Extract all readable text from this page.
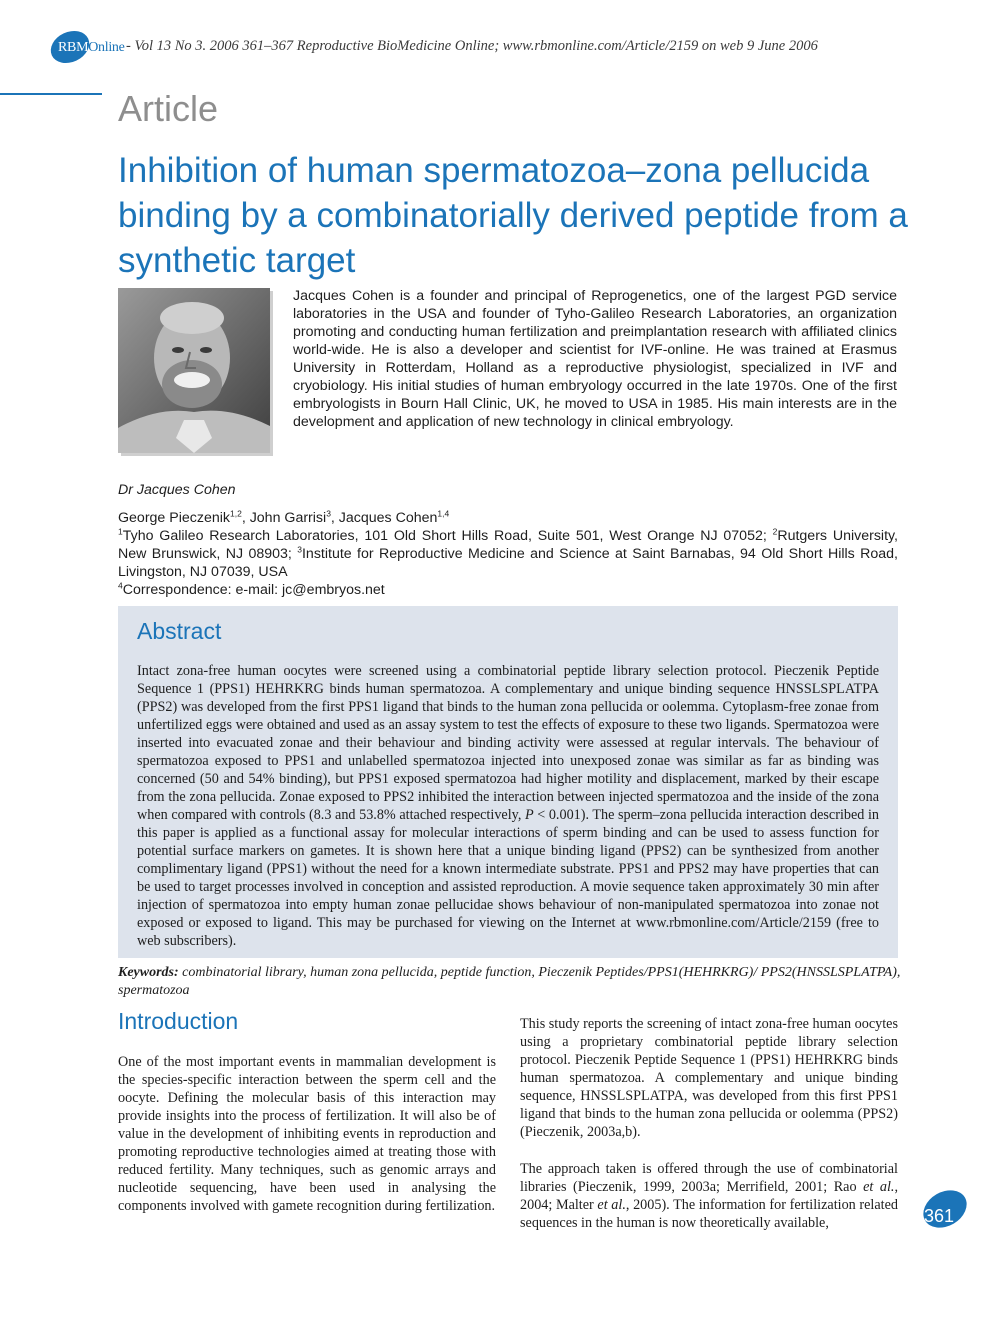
RBMOnline - Vol 13 No 3. 2006 361–367 Reproductive BioMedicine Online; www.rbmonline.com/Article/2159 on web 9 June 2006
Article
Inhibition of human spermatozoa–zona pellucida binding by a combinatorially derived peptide from a synthetic target
Jacques Cohen is a founder and principal of Reprogenetics, one of the largest PGD service laboratories in the USA and founder of Tyho-Galileo Research Laboratories, an organization promoting and conducting human fertilization and preimplantation research with affiliated clinics world-wide. He is also a developer and scientist for IVF-online. He was trained at Erasmus University in Rotterdam, Holland as a reproductive physiologist, specialized in IVF and cryobiology. His initial studies of human embryology occurred in the late 1970s. One of the first embryologists in Bourn Hall Clinic, UK, he moved to USA in 1985. His main interests are in the development and application of new technology in clinical embryology.
Dr Jacques Cohen

George Pieczenik$^{1,2}$, John Garrisi$^3$, Jacques Cohen$^{1,4}$

$^1$Tyho Galileo Research Laboratories, 101 Old Short Hills Road, Suite 501, West Orange NJ 07052; $^2$Rutgers University, New Brunswick, NJ 08903; $^3$Institute for Reproductive Medicine and Science at Saint Barnabas, 94 Old Short Hills Road, Livingston, NJ 07039, USA

$^4$Correspondence: e-mail: jc@embryos.net

Abstract
Intact zona-free human oocytes were screened using a combinatorial peptide library selection protocol. Pieczenik Peptide Sequence 1 (PPS1) HEHRKRG binds human spermatozoa. A complementary and unique binding sequence HNSSLSPLATPA (PPS2) was developed from the first PPS1 ligand that binds to the human zona pellucida or oolemma. Cytoplasm-free zonae from unfertilized eggs were obtained and used as an assay system to test the effects of exposure to these two ligands. Spermatozoa were inserted into evacuated zonae and their behaviour and binding activity were assessed at regular intervals. The behaviour of spermatozoa exposed to PPS1 and unlabelled spermatozoa injected into unexposed zonae was similar as far as binding was concerned (50 and 54% binding), but PPS1 exposed spermatozoa had higher motility and displacement, marked by their escape from the zona pellucida. Zonae exposed to PPS2 inhibited the interaction between injected spermatozoa and the inside of the zona when compared with controls (8.3 and 53.8% attached respectively, P < 0.001). The sperm–zona pellucida interaction described in this paper is applied as a functional assay for molecular interactions of sperm binding and can be used to assess function for potential surface markers on gametes. It is shown here that a unique binding ligand (PPS2) can be synthesized from another complimentary ligand (PPS1) without the need for a known intermediate substrate. PPS1 and PPS2 may have properties that can be used to target processes involved in conception and assisted reproduction. A movie sequence taken approximately 30 min after injection of spermatozoa into empty human zonae pellucidae shows behaviour of non-manipulated spermatozoa into zonae not exposed or exposed to ligand. This may be purchased for viewing on the Internet at www.rbmonline.com/Article/2159 (free to web subscribers).
Keywords: combinatorial library, human zona pellucida, peptide function, Pieczenik Peptides/PPS1(HEHRKRG)/ PPS2(HNSSLSPLATPA), spermatozoa
Introduction
One of the most important events in mammalian development is the species-specific interaction between the sperm cell and the oocyte. Defining the molecular basis of this interaction may provide insights into the process of fertilization. It will also be of value in the development of inhibiting events in reproduction and promoting reproductive technologies aimed at treating those with reduced fertility. Many techniques, such as genomic arrays and nucleotide sequencing, have been used in analysing the components involved with gamete recognition during fertilization.
This study reports the screening of intact zona-free human oocytes using a proprietary combinatorial peptide library selection protocol. Pieczenik Peptide Sequence 1 (PPS1) HEHRKRG binds human spermatozoa. A complementary and unique binding sequence, HNSSLSPLATPA, was developed from this first PPS1 ligand that binds to the human zona pellucida or oolemma (PPS2) (Pieczenik, 2003a,b).
The approach taken is offered through the use of combinatorial libraries (Pieczenik, 1999, 2003a; Merrifield, 2001; Rao et al., 2004; Malter et al., 2005). The information for fertilization related sequences in the human is now theoretically available,	361
